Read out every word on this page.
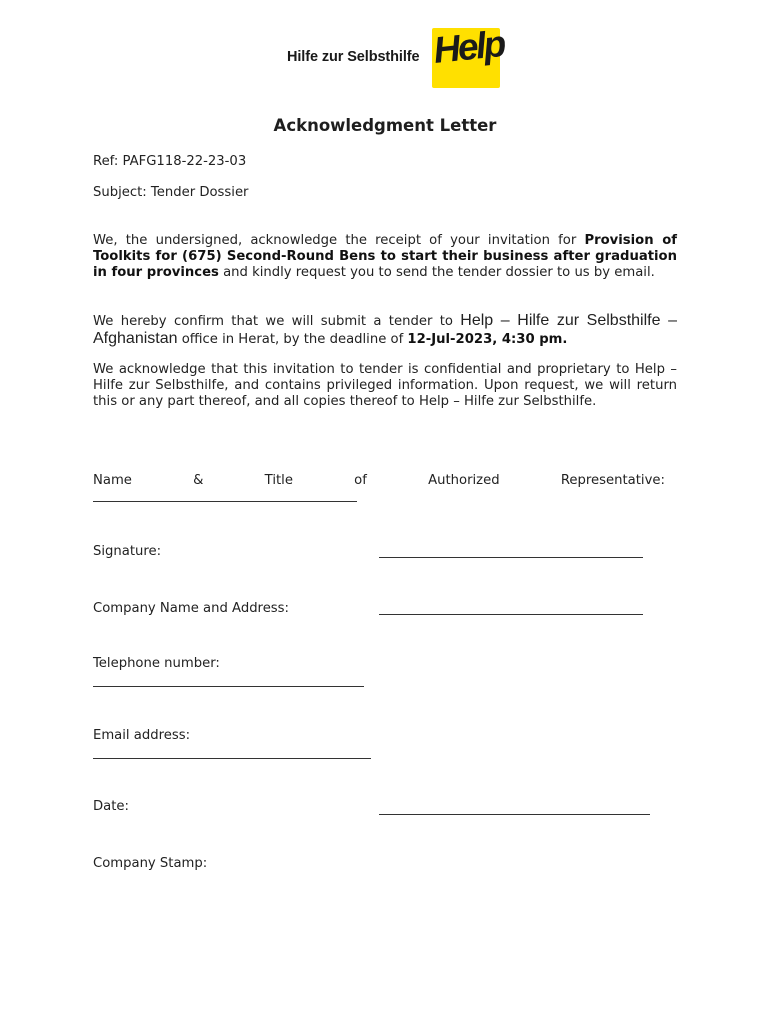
Hilfe zur Selbsthilfe Help
Acknowledgment Letter
Ref: PAFG118-22-23-03
Subject: Tender Dossier
We, the undersigned, acknowledge the receipt of your invitation for Provision of Toolkits for (675) Second-Round Bens to start their business after graduation in four provinces and kindly request you to send the tender dossier to us by email.
We hereby confirm that we will submit a tender to Help – Hilfe zur Selbsthilfe – Afghanistan office in Herat, by the deadline of 12-Jul-2023, 4:30 pm.
We acknowledge that this invitation to tender is confidential and proprietary to Help – Hilfe zur Selbsthilfe, and contains privileged information. Upon request, we will return this or any part thereof, and all copies thereof to Help – Hilfe zur Selbsthilfe.
Name	&	Title	of	Authorized	Representative:
Signature:
Company Name and Address:
Telephone number:
Email address:
Date:
Company Stamp:
